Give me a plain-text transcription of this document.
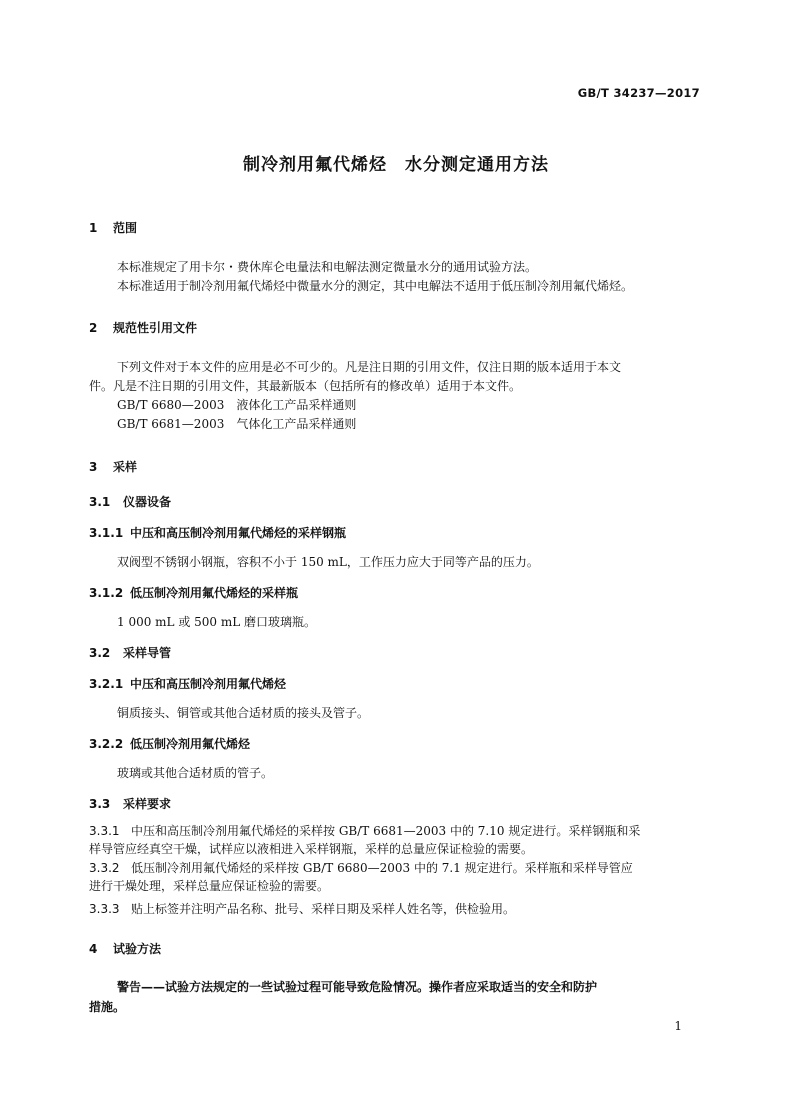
GB/T 34237—2017
制冷剂用氟代烯烃　水分测定通用方法
1 范围
本标准规定了用卡尔・费休库仑电量法和电解法测定微量水分的通用试验方法。
本标准适用于制冷剂用氟代烯烃中微量水分的测定，其中电解法不适用于低压制冷剂用氟代烯烃。
2 规范性引用文件
下列文件对于本文件的应用是必不可少的。凡是注日期的引用文件，仅注日期的版本适用于本文
件。凡是不注日期的引用文件，其最新版本（包括所有的修改单）适用于本文件。
GB/T 6680—2003　液体化工产品采样通则
GB/T 6681—2003　气体化工产品采样通则
3 采样
3.1 仪器设备
3.1.1 中压和高压制冷剂用氟代烯烃的采样钢瓶
双阀型不锈钢小钢瓶，容积不小于 150 mL，工作压力应大于同等产品的压力。
3.1.2 低压制冷剂用氟代烯烃的采样瓶
1 000 mL 或 500 mL 磨口玻璃瓶。
3.2 采样导管
3.2.1 中压和高压制冷剂用氟代烯烃
铜质接头、铜管或其他合适材质的接头及管子。
3.2.2 低压制冷剂用氟代烯烃
玻璃或其他合适材质的管子。
3.3 采样要求
3.3.1 中压和高压制冷剂用氟代烯烃的采样按 GB/T 6681—2003 中的 7.10 规定进行。采样钢瓶和采
样导管应经真空干燥，试样应以液相进入采样钢瓶，采样的总量应保证检验的需要。
3.3.2 低压制冷剂用氟代烯烃的采样按 GB/T 6680—2003 中的 7.1 规定进行。采样瓶和采样导管应
进行干燥处理，采样总量应保证检验的需要。
3.3.3 贴上标签并注明产品名称、批号、采样日期及采样人姓名等，供检验用。
4 试验方法
警告——试验方法规定的一些试验过程可能导致危险情况。操作者应采取适当的安全和防护
措施。
1
